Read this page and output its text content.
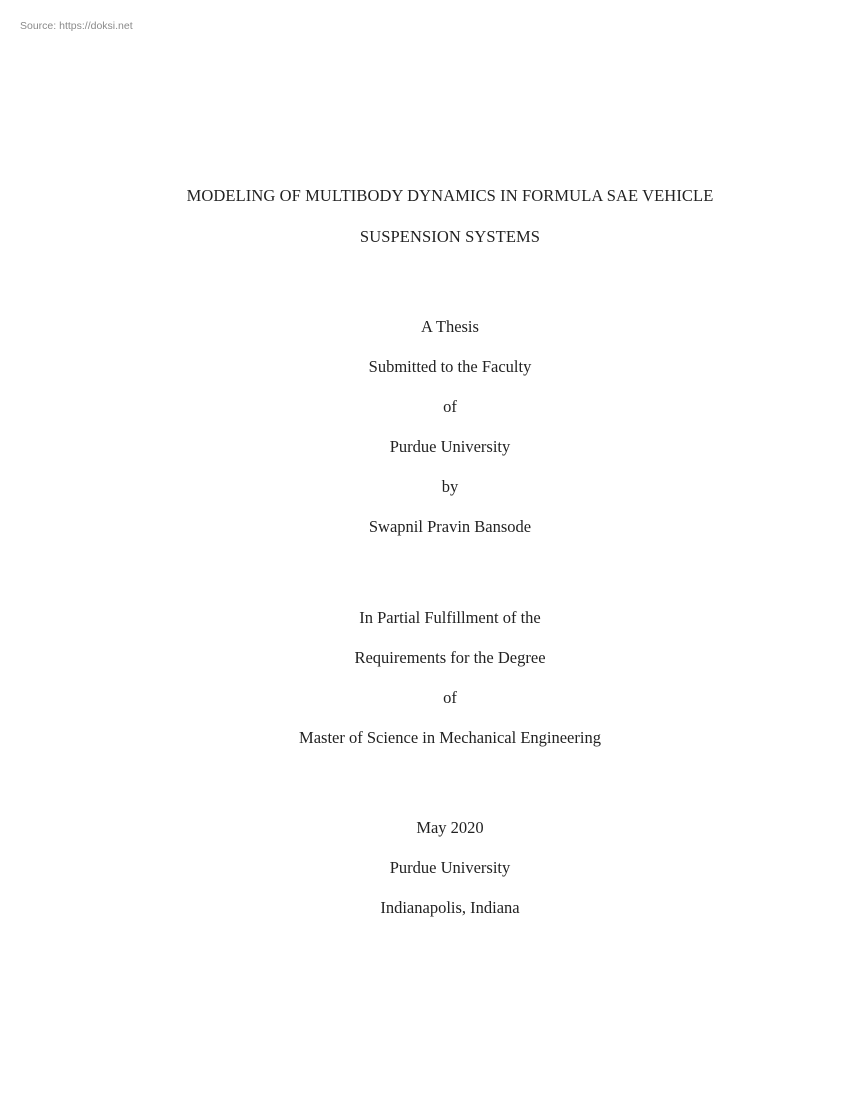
Source: https://doksi.net
MODELING OF MULTIBODY DYNAMICS IN FORMULA SAE VEHICLE
SUSPENSION SYSTEMS
A Thesis
Submitted to the Faculty
of
Purdue University
by
Swapnil Pravin Bansode
In Partial Fulfillment of the
Requirements for the Degree
of
Master of Science in Mechanical Engineering
May 2020
Purdue University
Indianapolis, Indiana
